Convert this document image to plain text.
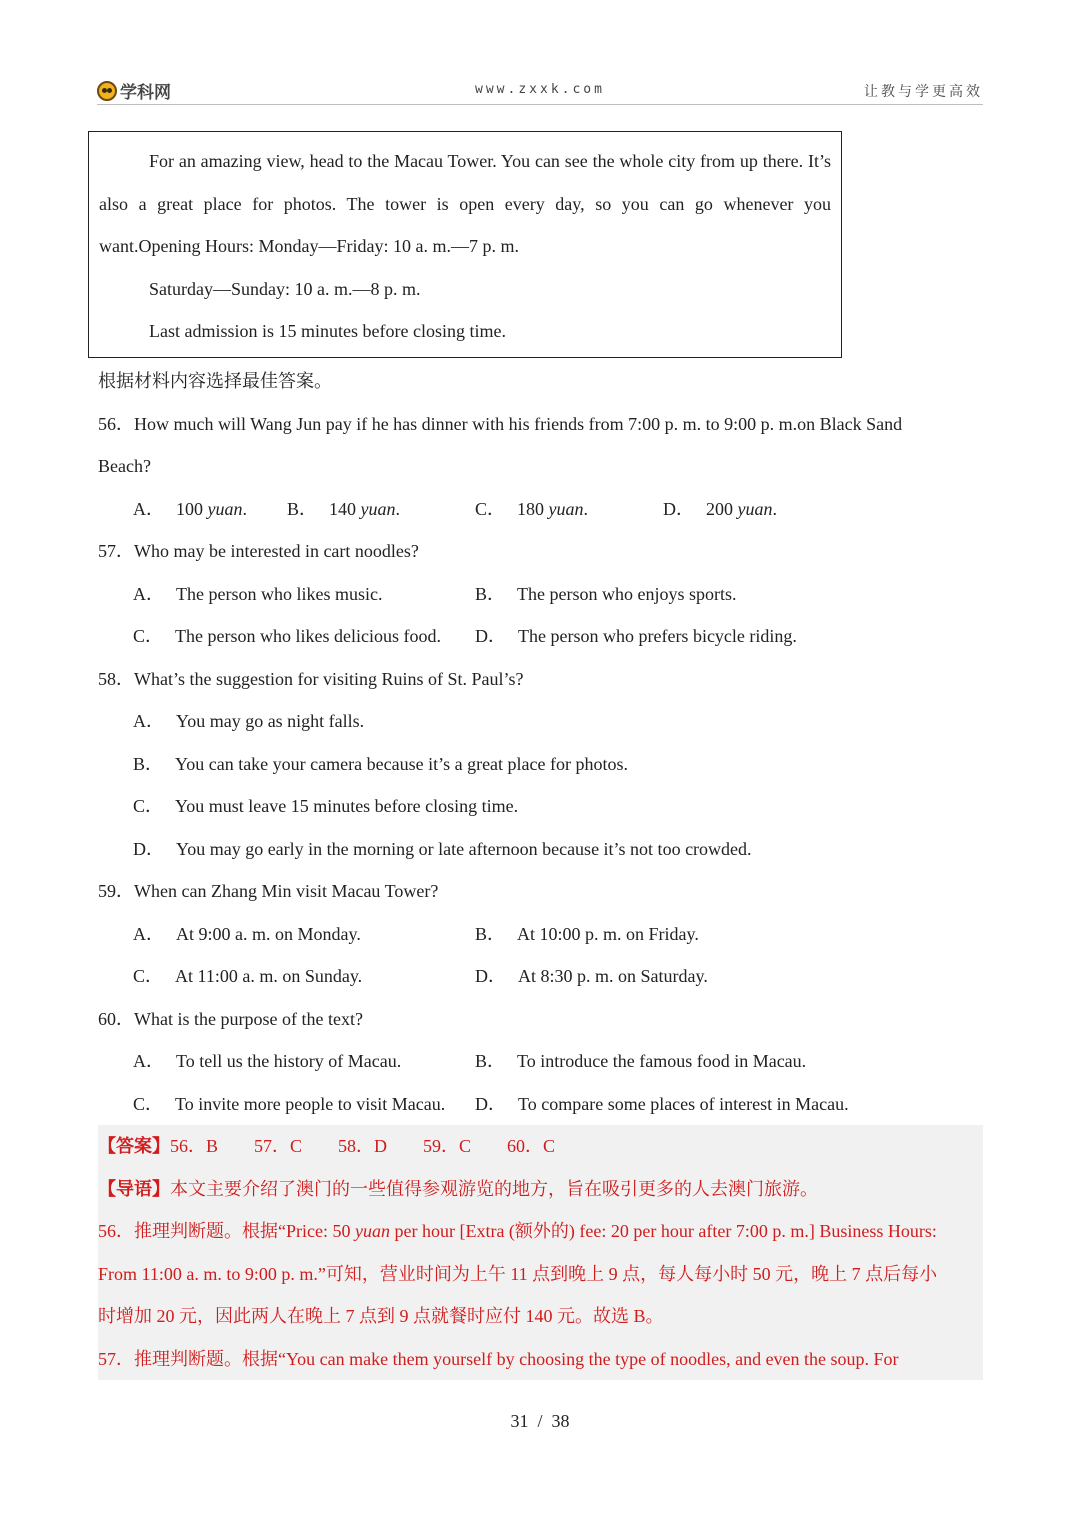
学科网	www.zxxk.com	让教与学更高效

For an amazing view, head to the Macau Tower. You can see the whole city from up there. It’s also a great place for photos. The tower is open every day, so you can go whenever you want.Opening Hours: Monday—Friday: 10 a. m.—7 p. m.

Saturday—Sunday: 10 a. m.—8 p. m.
Last admission is 15 minutes before closing time.
根据材料内容选择最佳答案。
56．How much will Wang Jun pay if he has dinner with his friends from 7:00 p. m. to 9:00 p. m.on Black Sand
Beach?
A． 100 yuan.	B． 140 yuan.	C． 180 yuan.	D． 200 yuan.
57．Who may be interested in cart noodles?
A． The person who likes music.	B． The person who enjoys sports.
C． The person who likes delicious food.	D． The person who prefers bicycle riding.
58．What’s the suggestion for visiting Ruins of St. Paul’s?
A． You may go as night falls.
B． You can take your camera because it’s a great place for photos.
C． You must leave 15 minutes before closing time.
D． You may go early in the morning or late afternoon because it’s not too crowded.
59．When can Zhang Min visit Macau Tower?
A． At 9:00 a. m. on Monday.	B． At 10:00 p. m. on Friday.
C． At 11:00 a. m. on Sunday.	D． At 8:30 p. m. on Saturday.
60．What is the purpose of the text?
A． To tell us the history of Macau.	B． To introduce the famous food in Macau.
C． To invite more people to visit Macau.	D． To compare some places of interest in Macau.
【答案】56．B 57．C 58．D 59．C 60．C
【导语】本文主要介绍了澳门的一些值得参观游览的地方，旨在吸引更多的人去澳门旅游。
56．推理判断题。根据“Price: 50 yuan per hour [Extra (额外的) fee: 20 per hour after 7:00 p. m.] Business Hours:
From 11:00 a. m. to 9:00 p. m.”可知，营业时间为上午 11 点到晚上 9 点，每人每小时 50 元，晚上 7 点后每小
时增加 20 元，因此两人在晚上 7 点到 9 点就餐时应付 140 元。故选 B。
57．推理判断题。根据“You can make them yourself by choosing the type of noodles, and even the soup. For
31 / 38
